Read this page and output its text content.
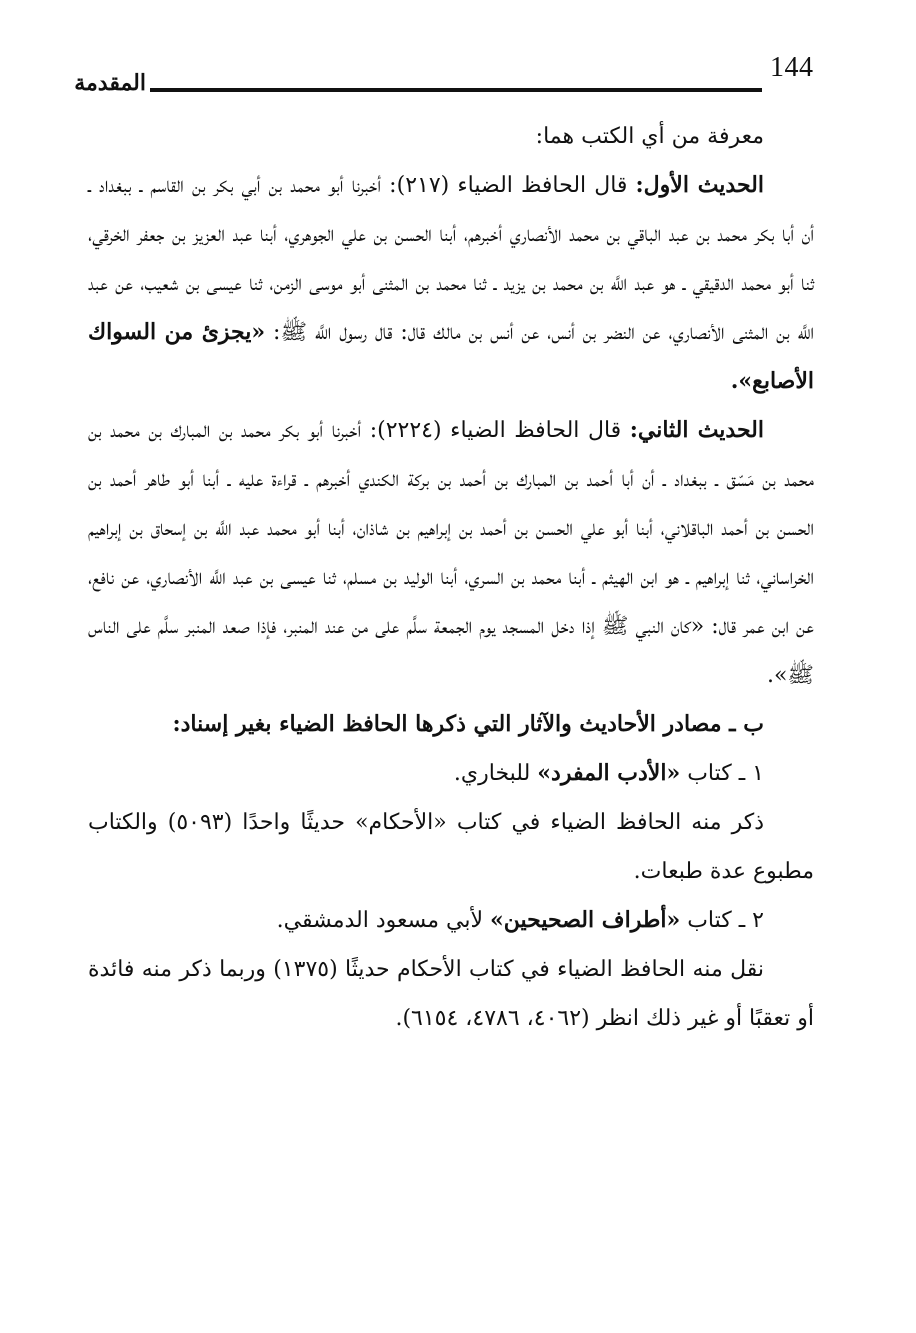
144
المقدمة

معرفة من أي الكتب هما:

الحديث الأول: قال الحافظ الضياء (٢١٧): أخبرنا أبو محمد بن أبي بكر بن القاسم ـ ببغداد ـ أن أبا بكر محمد بن عبد الباقي بن محمد الأنصاري أخبرهم، أبنا الحسن بن علي الجوهري، أبنا عبد العزيز بن جعفر الخرقي، ثنا أبو محمد الدقيقي ـ هو عبد اللَّه بن محمد بن يزيد ـ ثنا محمد بن المثنى أبو موسى الزمن، ثنا عيسى بن شعيب، عن عبد اللَّه بن المثنى الأنصاري، عن النضر بن أنس، عن أنس بن مالك قال: قال رسول اللَّه ﷺ: «يجزئ من السواك الأصابع».

الحديث الثاني: قال الحافظ الضياء (٢٢٢٤): أخبرنا أبو بكر محمد بن المبارك بن محمد بن محمد بن مَسّق ـ ببغداد ـ أن أبا أحمد بن المبارك بن أحمد بن بركة الكندي أخبرهم ـ قراءة عليه ـ أبنا أبو طاهر أحمد بن الحسن بن أحمد الباقلاني، أبنا أبو علي الحسن بن أحمد بن إبراهيم بن شاذان، أبنا أبو محمد عبد اللَّه بن إسحاق بن إبراهيم الخراساني، ثنا إبراهيم ـ هو ابن الهيثم ـ أبنا محمد بن السري، أبنا الوليد بن مسلم، ثنا عيسى بن عبد اللَّه الأنصاري، عن نافع، عن ابن عمر قال: «كان النبي ﷺ إذا دخل المسجد يوم الجمعة سلَّم على من عند المنبر، فإذا صعد المنبر سلَّم على الناس ﷺ».

ب ـ مصادر الأحاديث والآثار التي ذكرها الحافظ الضياء بغير إسناد:

١ ـ كتاب «الأدب المفرد» للبخاري.

ذكر منه الحافظ الضياء في كتاب «الأحكام» حديثًا واحدًا (٥٠٩٣) والكتاب مطبوع عدة طبعات.

٢ ـ كتاب «أطراف الصحيحين» لأبي مسعود الدمشقي.

نقل منه الحافظ الضياء في كتاب الأحكام حديثًا (١٣٧٥) وربما ذكر منه فائدة أو تعقبًا أو غير ذلك انظر (٤٠٦٢، ٤٧٨٦، ٦١٥٤).
